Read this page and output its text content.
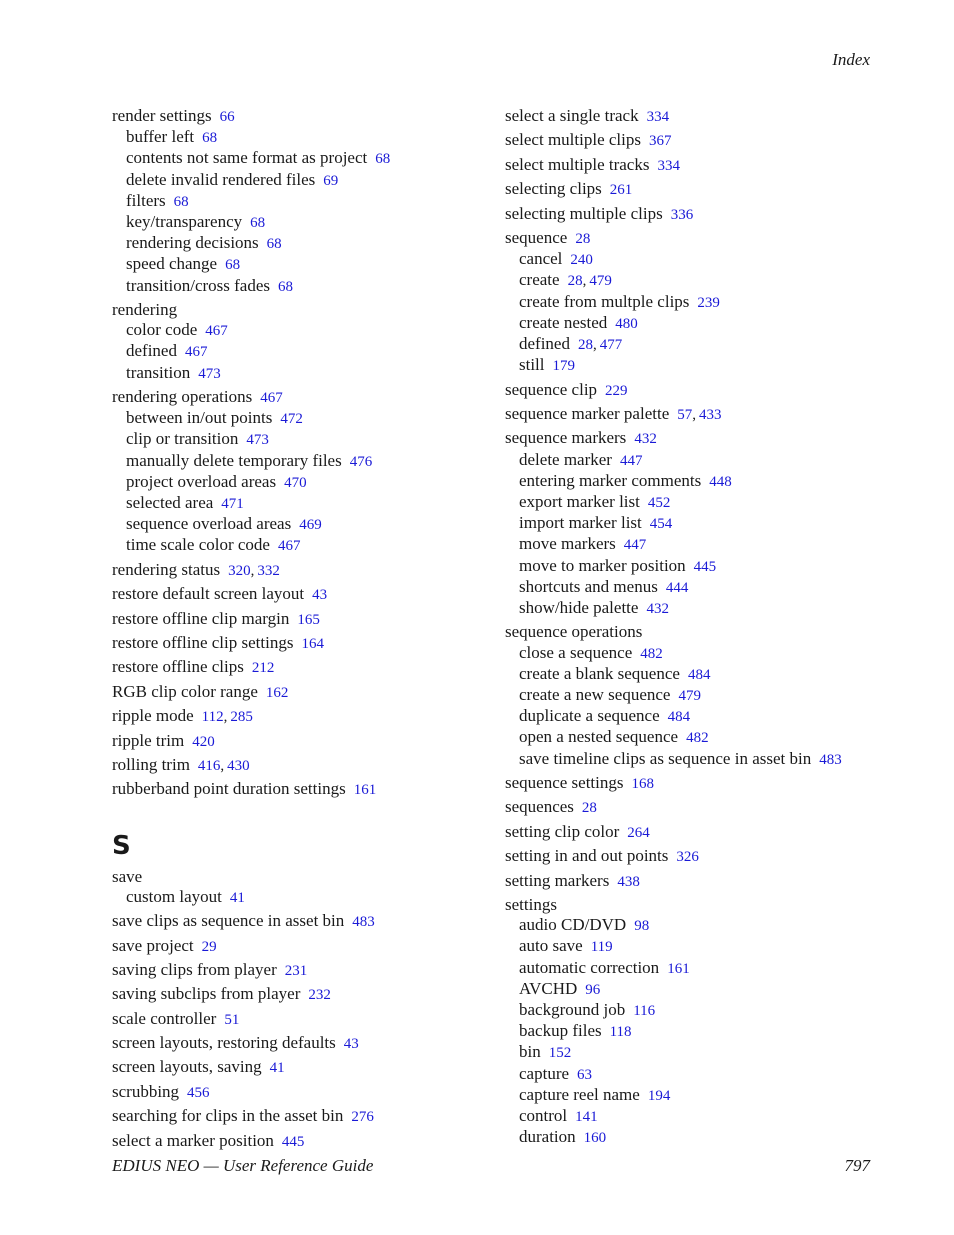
Index
render settings 66
buffer left 68
contents not same format as project 68
delete invalid rendered files 69
filters 68
key/transparency 68
rendering decisions 68
speed change 68
transition/cross fades 68
rendering
color code 467
defined 467
transition 473
rendering operations 467
between in/out points 472
clip or transition 473
manually delete temporary files 476
project overload areas 470
selected area 471
sequence overload areas 469
time scale color code 467
rendering status 320, 332
restore default screen layout 43
restore offline clip margin 165
restore offline clip settings 164
restore offline clips 212
RGB clip color range 162
ripple mode 112, 285
ripple trim 420
rolling trim 416, 430
rubberband point duration settings 161
S
save
custom layout 41
save clips as sequence in asset bin 483
save project 29
saving clips from player 231
saving subclips from player 232
scale controller 51
screen layouts, restoring defaults 43
screen layouts, saving 41
scrubbing 456
searching for clips in the asset bin 276
select a marker position 445
select a single track 334
select multiple clips 367
select multiple tracks 334
selecting clips 261
selecting multiple clips 336
sequence 28
cancel 240
create 28, 479
create from multple clips 239
create nested 480
defined 28, 477
still 179
sequence clip 229
sequence marker palette 57, 433
sequence markers 432
delete marker 447
entering marker comments 448
export marker list 452
import marker list 454
move markers 447
move to marker position 445
shortcuts and menus 444
show/hide palette 432
sequence operations
close a sequence 482
create a blank sequence 484
create a new sequence 479
duplicate a sequence 484
open a nested sequence 482
save timeline clips as sequence in asset bin 483
sequence settings 168
sequences 28
setting clip color 264
setting in and out points 326
setting markers 438
settings
audio CD/DVD 98
auto save 119
automatic correction 161
AVCHD 96
background job 116
backup files 118
bin 152
capture 63
capture reel name 194
control 141
duration 160
EDIUS NEO — User Reference Guide	797
